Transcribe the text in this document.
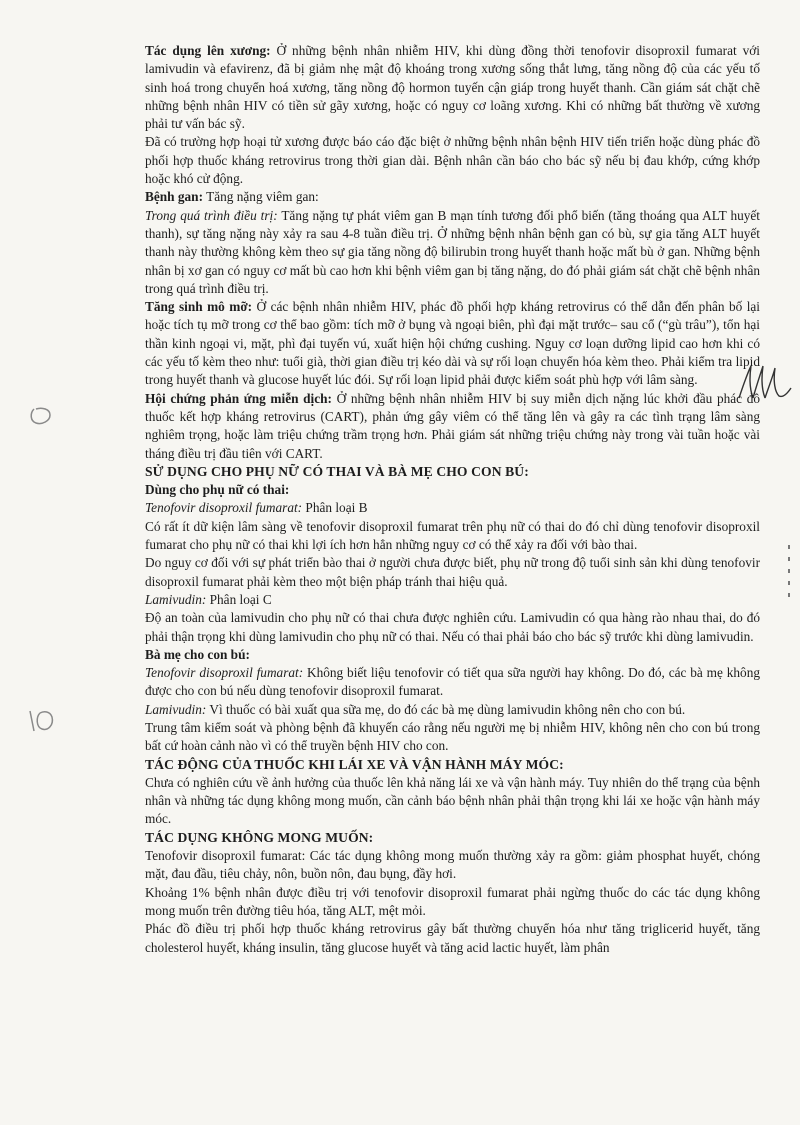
Tác dụng lên xương: Ở những bệnh nhân nhiễm HIV, khi dùng đồng thời tenofovir disoproxil fumarat với lamivudin và efavirenz, đã bị giảm nhẹ mật độ khoáng trong xương sống thắt lưng, tăng nồng độ của các yếu tố sinh hoá trong chuyển hoá xương, tăng nồng độ hormon tuyến cận giáp trong huyết thanh. Cần giám sát chặt chẽ những bệnh nhân HIV có tiền sử gãy xương, hoặc có nguy cơ loãng xương. Khi có những bất thường về xương phải tư vấn bác sỹ.

Đã có trường hợp hoại tử xương được báo cáo đặc biệt ở những bệnh nhân bệnh HIV tiến triển hoặc dùng phác đồ phối hợp thuốc kháng retrovirus trong thời gian dài. Bệnh nhân cần báo cho bác sỹ nếu bị đau khớp, cứng khớp hoặc khó cử động.

Bệnh gan: Tăng nặng viêm gan:

Trong quá trình điều trị: Tăng nặng tự phát viêm gan B mạn tính tương đối phổ biến (tăng thoáng qua ALT huyết thanh), sự tăng nặng này xảy ra sau 4-8 tuần điều trị. Ở những bệnh nhân bệnh gan có bù, sự gia tăng ALT huyết thanh này thường không kèm theo sự gia tăng nồng độ bilirubin trong huyết thanh hoặc mất bù ở gan. Những bệnh nhân bị xơ gan có nguy cơ mất bù cao hơn khi bệnh viêm gan bị tăng nặng, do đó phải giám sát chặt chẽ bệnh nhân trong quá trình điều trị.

Tăng sinh mô mỡ: Ở các bệnh nhân nhiễm HIV, phác đồ phối hợp kháng retrovirus có thể dẫn đến phân bố lại hoặc tích tụ mỡ trong cơ thể bao gồm: tích mỡ ở bụng và ngoại biên, phì đại mặt trước– sau cổ (“gù trâu”), tổn hại thần kinh ngoại vi, mặt, phì đại tuyến vú, xuất hiện hội chứng cushing. Nguy cơ loạn dưỡng lipid cao hơn khi có các yếu tố kèm theo như: tuổi già, thời gian điều trị kéo dài và sự rối loạn chuyển hóa kèm theo. Phải kiểm tra lipid trong huyết thanh và glucose huyết lúc đói. Sự rối loạn lipid phải được kiểm soát phù hợp với lâm sàng.

Hội chứng phản ứng miễn dịch: Ở những bệnh nhân nhiễm HIV bị suy miễn dịch nặng lúc khởi đầu phác đồ thuốc kết hợp kháng retrovirus (CART), phản ứng gây viêm có thể tăng lên và gây ra các tình trạng lâm sàng nghiêm trọng, hoặc làm triệu chứng trầm trọng hơn. Phải giám sát những triệu chứng này trong vài tuần hoặc vài tháng điều trị đầu tiên với CART.

SỬ DỤNG CHO PHỤ NỮ CÓ THAI VÀ BÀ MẸ CHO CON BÚ:

Dùng cho phụ nữ có thai:

Tenofovir disoproxil fumarat: Phân loại B

Có rất ít dữ kiện lâm sàng về tenofovir disoproxil fumarat trên phụ nữ có thai do đó chỉ dùng tenofovir disoproxil fumarat cho phụ nữ có thai khi lợi ích hơn hẳn những nguy cơ có thể xảy ra đối với bào thai.

Do nguy cơ đối với sự phát triển bào thai ở người chưa được biết, phụ nữ trong độ tuổi sinh sản khi dùng tenofovir disoproxil fumarat phải kèm theo một biện pháp tránh thai hiệu quả.

Lamivudin: Phân loại C

Độ an toàn của lamivudin cho phụ nữ có thai chưa được nghiên cứu. Lamivudin có qua hàng rào nhau thai, do đó phải thận trọng khi dùng lamivudin cho phụ nữ có thai. Nếu có thai phải báo cho bác sỹ trước khi dùng lamivudin.

Bà mẹ cho con bú:

Tenofovir disoproxil fumarat: Không biết liệu tenofovir có tiết qua sữa người hay không. Do đó, các bà mẹ không được cho con bú nếu dùng tenofovir disoproxil fumarat.

Lamivudin: Vì thuốc có bài xuất qua sữa mẹ, do đó các bà mẹ dùng lamivudin không nên cho con bú.

Trung tâm kiểm soát và phòng bệnh đã khuyến cáo rằng nếu người mẹ bị nhiễm HIV, không nên cho con bú trong bất cứ hoàn cảnh nào vì có thể truyền bệnh HIV cho con.

TÁC ĐỘNG CỦA THUỐC KHI LÁI XE VÀ VẬN HÀNH MÁY MÓC:

Chưa có nghiên cứu về ảnh hưởng của thuốc lên khả năng lái xe và vận hành máy. Tuy nhiên do thể trạng của bệnh nhân và những tác dụng không mong muốn, cần cảnh báo bệnh nhân phải thận trọng khi lái xe hoặc vận hành máy móc.

TÁC DỤNG KHÔNG MONG MUỐN:

Tenofovir disoproxil fumarat: Các tác dụng không mong muốn thường xảy ra gồm: giảm phosphat huyết, chóng mặt, đau đầu, tiêu chảy, nôn, buồn nôn, đau bụng, đầy hơi.

Khoảng 1% bệnh nhân được điều trị với tenofovir disoproxil fumarat phải ngừng thuốc do các tác dụng không mong muốn trên đường tiêu hóa, tăng ALT, mệt mỏi.

Phác đồ điều trị phối hợp thuốc kháng retrovirus gây bất thường chuyển hóa như tăng triglicerid huyết, tăng cholesterol huyết, kháng insulin, tăng glucose huyết và tăng acid lactic huyết, làm phân
